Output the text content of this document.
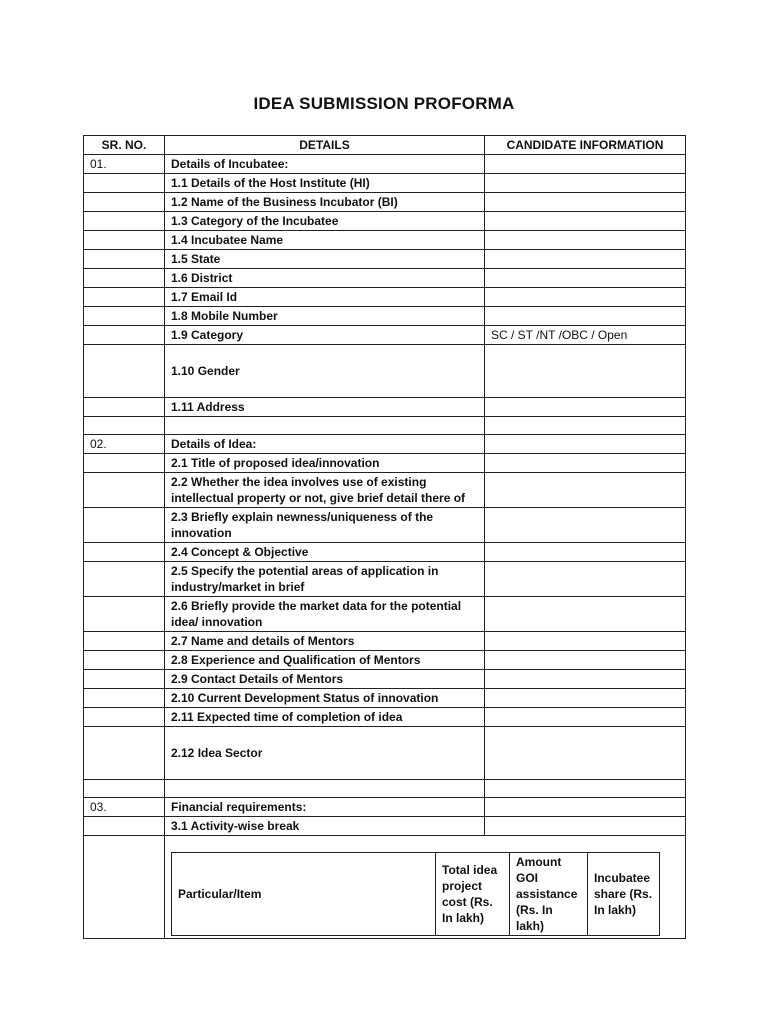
IDEA SUBMISSION PROFORMA
SR. NO.	DETAILS	CANDIDATE INFORMATION
01.	Details of Incubatee:	
	1.1 Details of the Host Institute (HI)	
	1.2 Name of the Business Incubator (BI)	
	1.3 Category of the Incubatee	
	1.4 Incubatee Name	
	1.5 State	
	1.6 District	
	1.7 Email Id	
	1.8 Mobile Number	
	1.9 Category	SC / ST /NT /OBC / Open
	1.10 Gender	
	1.11 Address	

02.	Details of Idea:	
	2.1 Title of proposed idea/innovation	
	2.2 Whether the idea involves use of existing intellectual property or not, give brief detail there of	
	2.3 Briefly explain newness/uniqueness of the innovation	
	2.4 Concept & Objective	
	2.5 Specify the potential areas of application in industry/market in brief	
	2.6 Briefly provide the market data for the potential idea/ innovation	
	2.7 Name and details of Mentors	
	2.8 Experience and Qualification of Mentors	
	2.9 Contact Details of Mentors	
	2.10 Current Development Status of innovation	
	2.11 Expected time of completion of idea	
	2.12 Idea Sector	

03.	Financial requirements:	
	3.1 Activity-wise break	

Particular/Item	Total idea project cost (Rs. In lakh)	Amount GOI assistance (Rs. In lakh)	Incubatee share (Rs. In lakh)
